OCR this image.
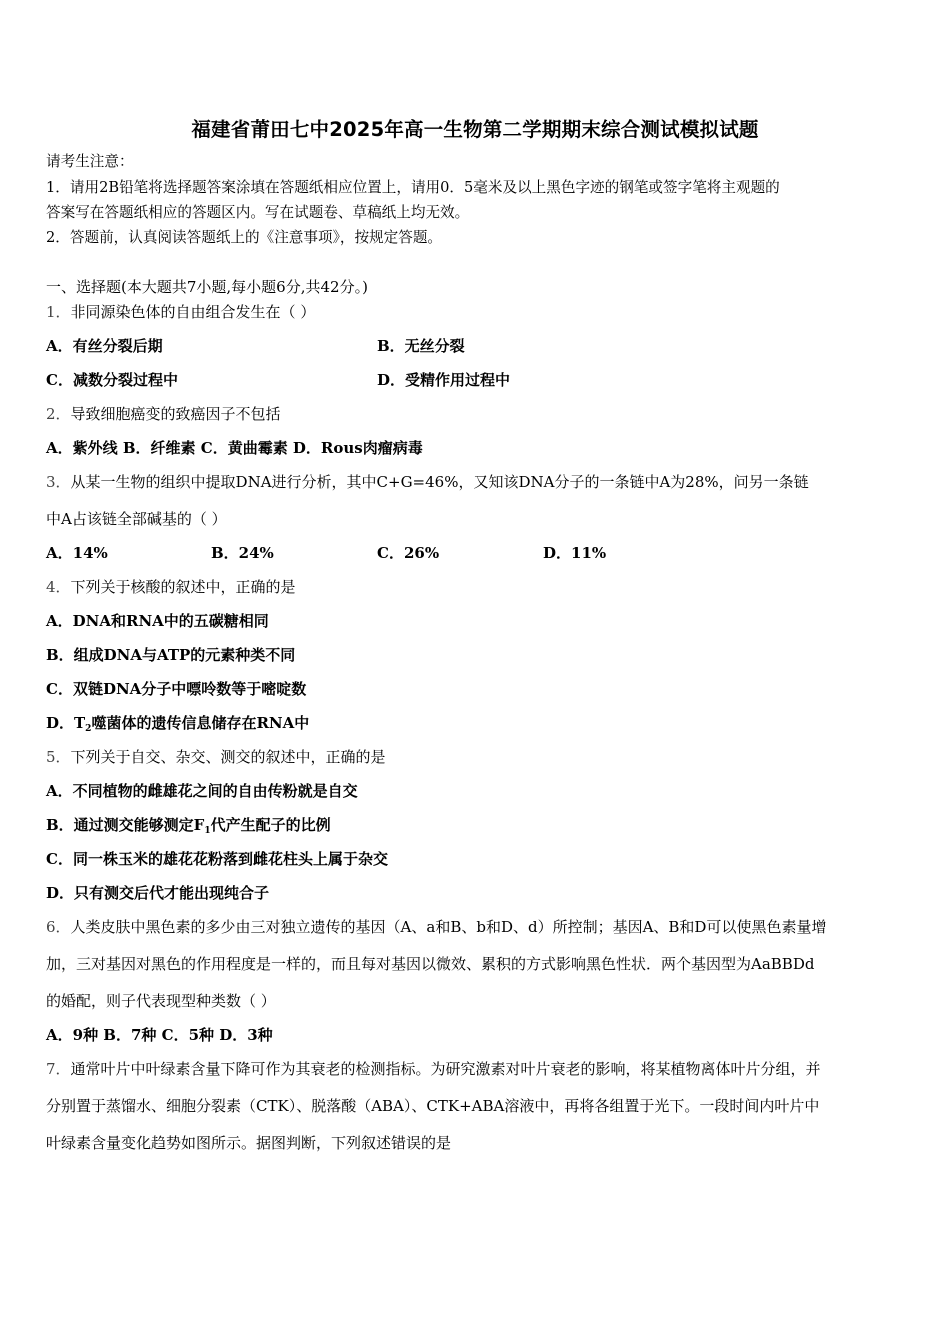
福建省莆田七中2025年高一生物第二学期期末综合测试模拟试题
请考生注意：
1．请用2B铅笔将选择题答案涂填在答题纸相应位置上，请用0．5毫米及以上黑色字迹的钢笔或签字笔将主观题的
答案写在答题纸相应的答题区内。写在试题卷、草稿纸上均无效。
2．答题前，认真阅读答题纸上的《注意事项》，按规定答题。
一、选择题(本大题共7小题,每小题6分,共42分。)
1．非同源染色体的自由组合发生在（ ）
A．有丝分裂后期	B．无丝分裂
C．减数分裂过程中	D．受精作用过程中
2．导致细胞癌变的致癌因子不包括
A．紫外线 B．纤维素 C．黄曲霉素 D．Rous肉瘤病毒
3．从某一生物的组织中提取DNA进行分析，其中C+G=46%，又知该DNA分子的一条链中A为28%，问另一条链
中A占该链全部碱基的（ ）
A．14%	B．24%	C．26%	D．11%
4．下列关于核酸的叙述中，正确的是
A．DNA和RNA中的五碳糖相同
B．组成DNA与ATP的元素种类不同
C．双链DNA分子中嘌呤数等于嘧啶数
D．$T_2$噬菌体的遗传信息储存在RNA中
5．下列关于自交、杂交、测交的叙述中，正确的是
A．不同植物的雌雄花之间的自由传粉就是自交
B．通过测交能够测定$F_1$代产生配子的比例
C．同一株玉米的雄花花粉落到雌花柱头上属于杂交
D．只有测交后代才能出现纯合子
6．人类皮肤中黑色素的多少由三对独立遗传的基因（A、a和B、b和D、d）所控制；基因A、B和D可以使黑色素量增
加，三对基因对黑色的作用程度是一样的，而且每对基因以微效、累积的方式影响黑色性状．两个基因型为AaBBDd
的婚配，则子代表现型种类数（ ）
A．9种 B．7种 C．5种 D．3种
7．通常叶片中叶绿素含量下降可作为其衰老的检测指标。为研究激素对叶片衰老的影响，将某植物离体叶片分组，并
分别置于蒸馏水、细胞分裂素（CTK）、脱落酸（ABA）、CTK+ABA溶液中，再将各组置于光下。一段时间内叶片中
叶绿素含量变化趋势如图所示。据图判断，下列叙述错误的是
